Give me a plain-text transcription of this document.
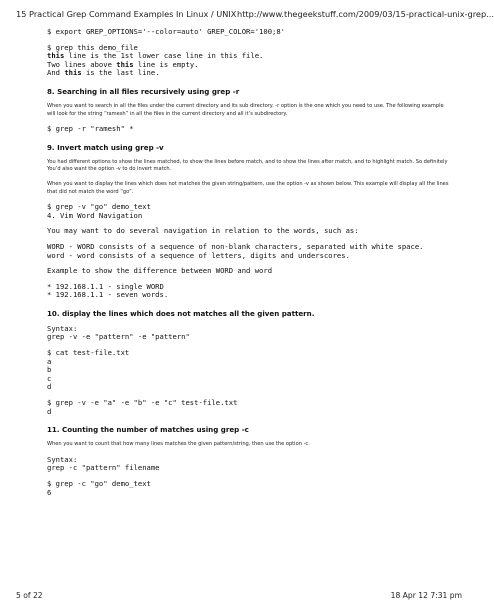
15 Practical Grep Command Examples In Linux / UNIX http://www.thegeekstuff.com/2009/03/15-practical-unix-grep...
$ export GREP_OPTIONS='--color=auto' GREP_COLOR='100;8'
$ grep this demo_file
this line is the 1st lower case line in this file.
Two lines above this line is empty.
And this is the last line.
8. Searching in all files recursively using grep -r

When you want to search in all the files under the current directory and its sub directory. -r option is the one which you need to use. The following example will look for the string “ramesh” in all the files in the current directory and all it’s subdirectory.

$ grep -r "ramesh" *
9. Invert match using grep -v

You had different options to show the lines matched, to show the lines before match, and to show the lines after match, and to highlight match. So definitely You’d also want the option -v to do invert match.

When you want to display the lines which does not matches the given string/pattern, use the option -v as shown below. This example will display all the lines that did not match the word “go”.

$ grep -v "go" demo_text
4. Vim Word Navigation
You may want to do several navigation in relation to the words, such as:
WORD - WORD consists of a sequence of non-blank characters, separated with white space.
word - word consists of a sequence of letters, digits and underscores.
Example to show the difference between WORD and word
* 192.168.1.1 - single WORD
* 192.168.1.1 - seven words.
10. display the lines which does not matches all the given pattern.
Syntax:
grep -v -e "pattern" -e "pattern"
$ cat test-file.txt
a
b
c
d
$ grep -v -e "a" -e "b" -e "c" test-file.txt
d
11. Counting the number of matches using grep -c

When you want to count that how many lines matches the given pattern/string, then use the option -c.

Syntax:
grep -c "pattern" filename
$ grep -c "go" demo_text
6
5 of 22	18 Apr 12 7:31 pm
